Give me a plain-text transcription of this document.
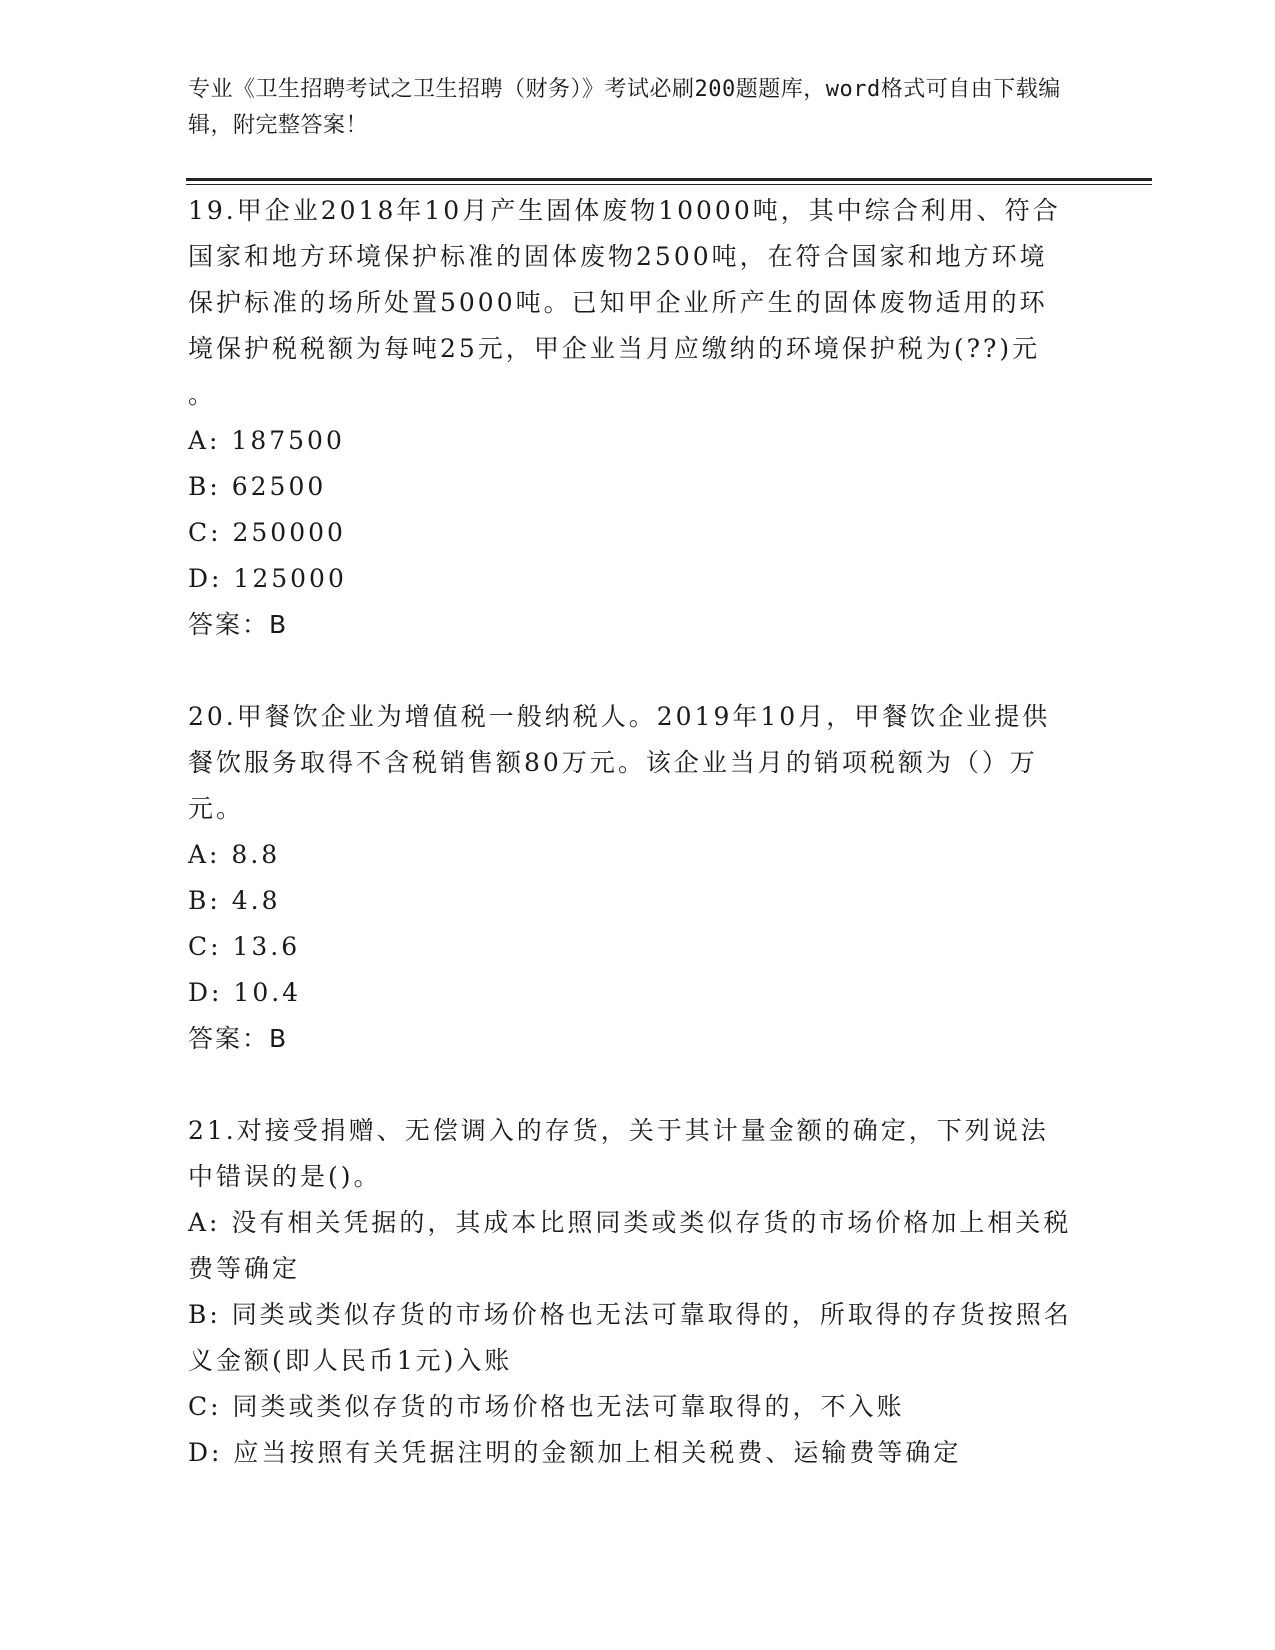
专业《卫生招聘考试之卫生招聘（财务）》考试必刷200题题库，word格式可自由下载编辑，附完整答案！
19.甲企业2018年10月产生固体废物10000吨，其中综合利用、符合国家和地方环境保护标准的固体废物2500吨，在符合国家和地方环境保护标准的场所处置5000吨。已知甲企业所产生的固体废物适用的环境保护税税额为每吨25元，甲企业当月应缴纳的环境保护税为(??)元
。
A: 187500
B: 62500
C: 250000
D: 125000
答案：B
20.甲餐饮企业为增值税一般纳税人。2019年10月，甲餐饮企业提供餐饮服务取得不含税销售额80万元。该企业当月的销项税额为（）万元。
A: 8.8
B: 4.8
C: 13.6
D: 10.4
答案：B
21.对接受捐赠、无偿调入的存货，关于其计量金额的确定，下列说法中错误的是()。
A: 没有相关凭据的，其成本比照同类或类似存货的市场价格加上相关税费等确定
B: 同类或类似存货的市场价格也无法可靠取得的，所取得的存货按照名义金额(即人民币1元)入账
C: 同类或类似存货的市场价格也无法可靠取得的，不入账
D: 应当按照有关凭据注明的金额加上相关税费、运输费等确定
